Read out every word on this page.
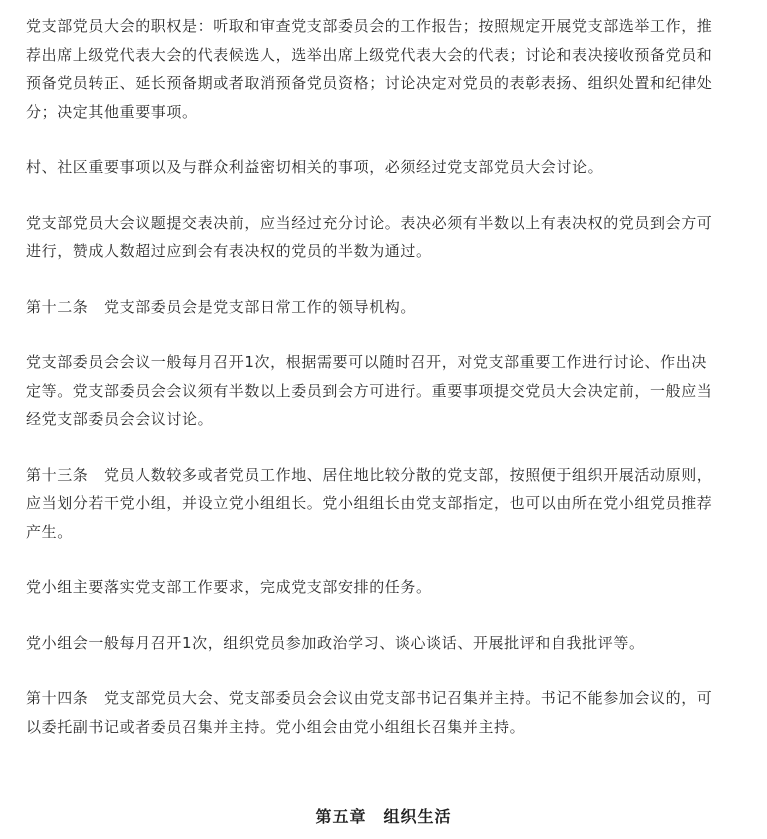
党支部党员大会的职权是：听取和审查党支部委员会的工作报告；按照规定开展党支部选举工作，推荐出席上级党代表大会的代表候选人，选举出席上级党代表大会的代表；讨论和表决接收预备党员和预备党员转正、延长预备期或者取消预备党员资格；讨论决定对党员的表彰表扬、组织处置和纪律处分；决定其他重要事项。

村、社区重要事项以及与群众利益密切相关的事项，必须经过党支部党员大会讨论。

党支部党员大会议题提交表决前，应当经过充分讨论。表决必须有半数以上有表决权的党员到会方可进行，赞成人数超过应到会有表决权的党员的半数为通过。

第十二条　党支部委员会是党支部日常工作的领导机构。

党支部委员会会议一般每月召开1次，根据需要可以随时召开，对党支部重要工作进行讨论、作出决定等。党支部委员会会议须有半数以上委员到会方可进行。重要事项提交党员大会决定前，一般应当经党支部委员会会议讨论。

第十三条　党员人数较多或者党员工作地、居住地比较分散的党支部，按照便于组织开展活动原则，应当划分若干党小组，并设立党小组组长。党小组组长由党支部指定，也可以由所在党小组党员推荐产生。

党小组主要落实党支部工作要求，完成党支部安排的任务。

党小组会一般每月召开1次，组织党员参加政治学习、谈心谈话、开展批评和自我批评等。

第十四条　党支部党员大会、党支部委员会会议由党支部书记召集并主持。书记不能参加会议的，可以委托副书记或者委员召集并主持。党小组会由党小组组长召集并主持。

第五章　组织生活
